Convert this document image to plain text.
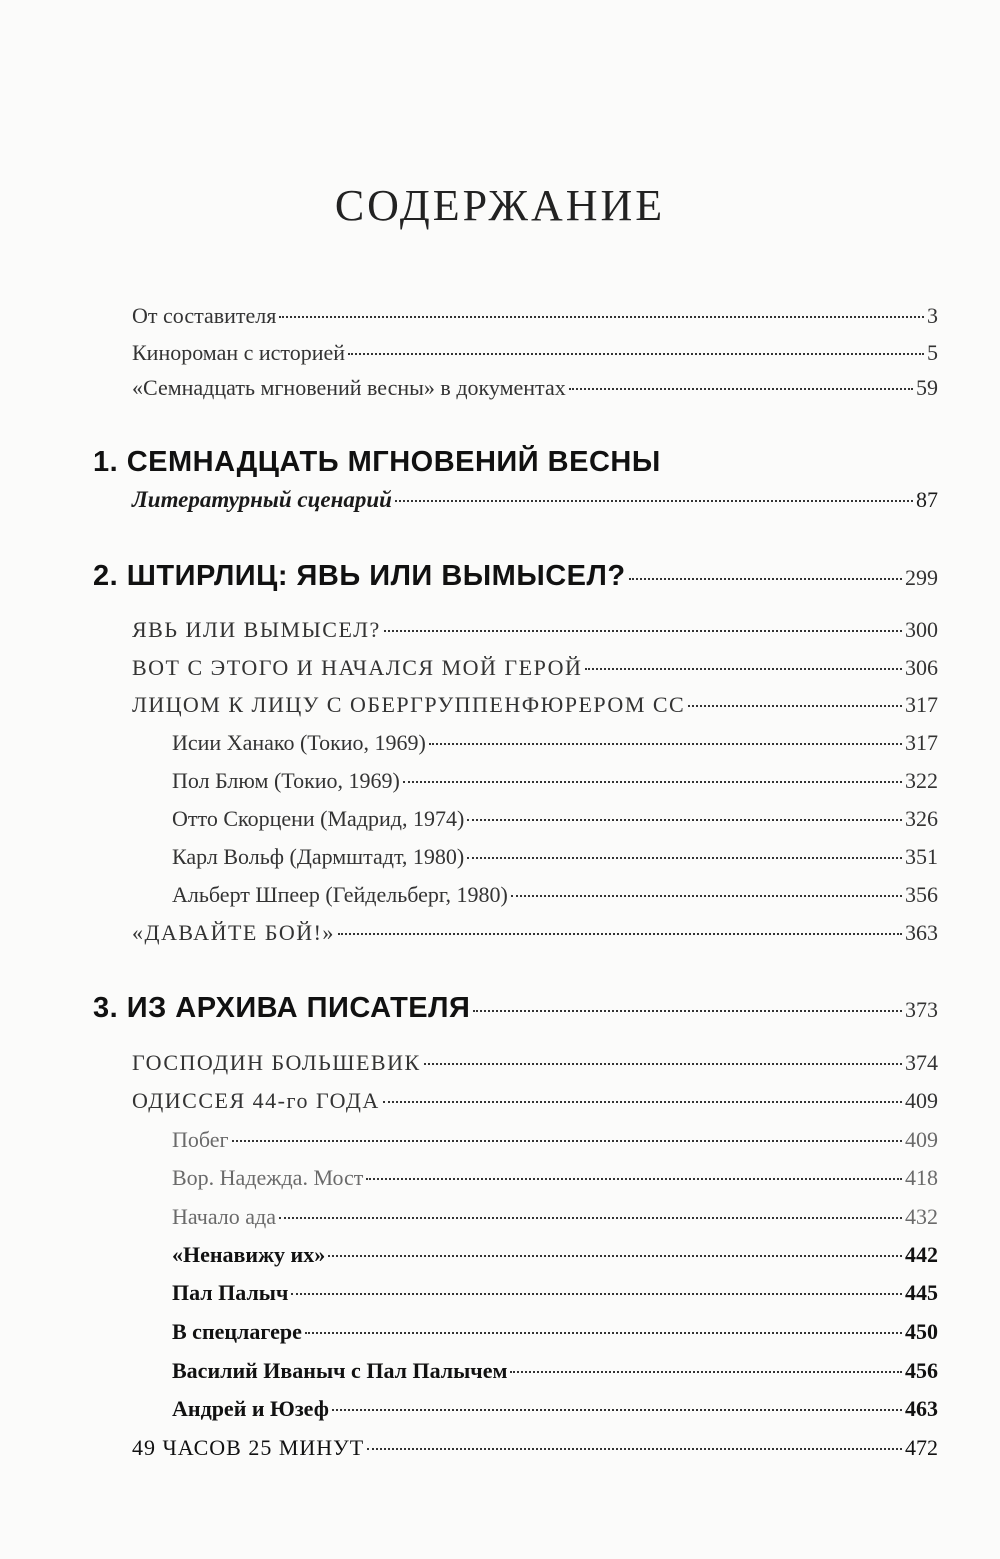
СОДЕРЖАНИЕ
От составителя	3
Кинороман с историей	5
«Семнадцать мгновений весны» в документах	59
1. СЕМНАДЦАТЬ МГНОВЕНИЙ ВЕСНЫ
Литературный сценарий	87
2. ШТИРЛИЦ: ЯВЬ ИЛИ ВЫМЫСЕЛ?	299
ЯВЬ ИЛИ ВЫМЫСЕЛ?	300
ВОТ С ЭТОГО И НАЧАЛСЯ МОЙ ГЕРОЙ	306
ЛИЦОМ К ЛИЦУ С ОБЕРГРУППЕНФЮРЕРОМ СС	317
Исии Ханако (Токио, 1969)	317
Пол Блюм (Токио, 1969)	322
Отто Скорцени (Мадрид, 1974)	326
Карл Вольф (Дармштадт, 1980)	351
Альберт Шпеер (Гейдельберг, 1980)	356
«ДАВАЙТЕ БОЙ!»	363
3. ИЗ АРХИВА ПИСАТЕЛЯ	373
ГОСПОДИН БОЛЬШЕВИК	374
ОДИССЕЯ 44-го ГОДА	409
Побег	409
Вор. Надежда. Мост	418
Начало ада	432
«Ненавижу их»	442
Пал Палыч	445
В спецлагере	450
Василий Иваныч с Пал Палычем	456
Андрей и Юзеф	463
49 ЧАСОВ 25 МИНУТ	472
